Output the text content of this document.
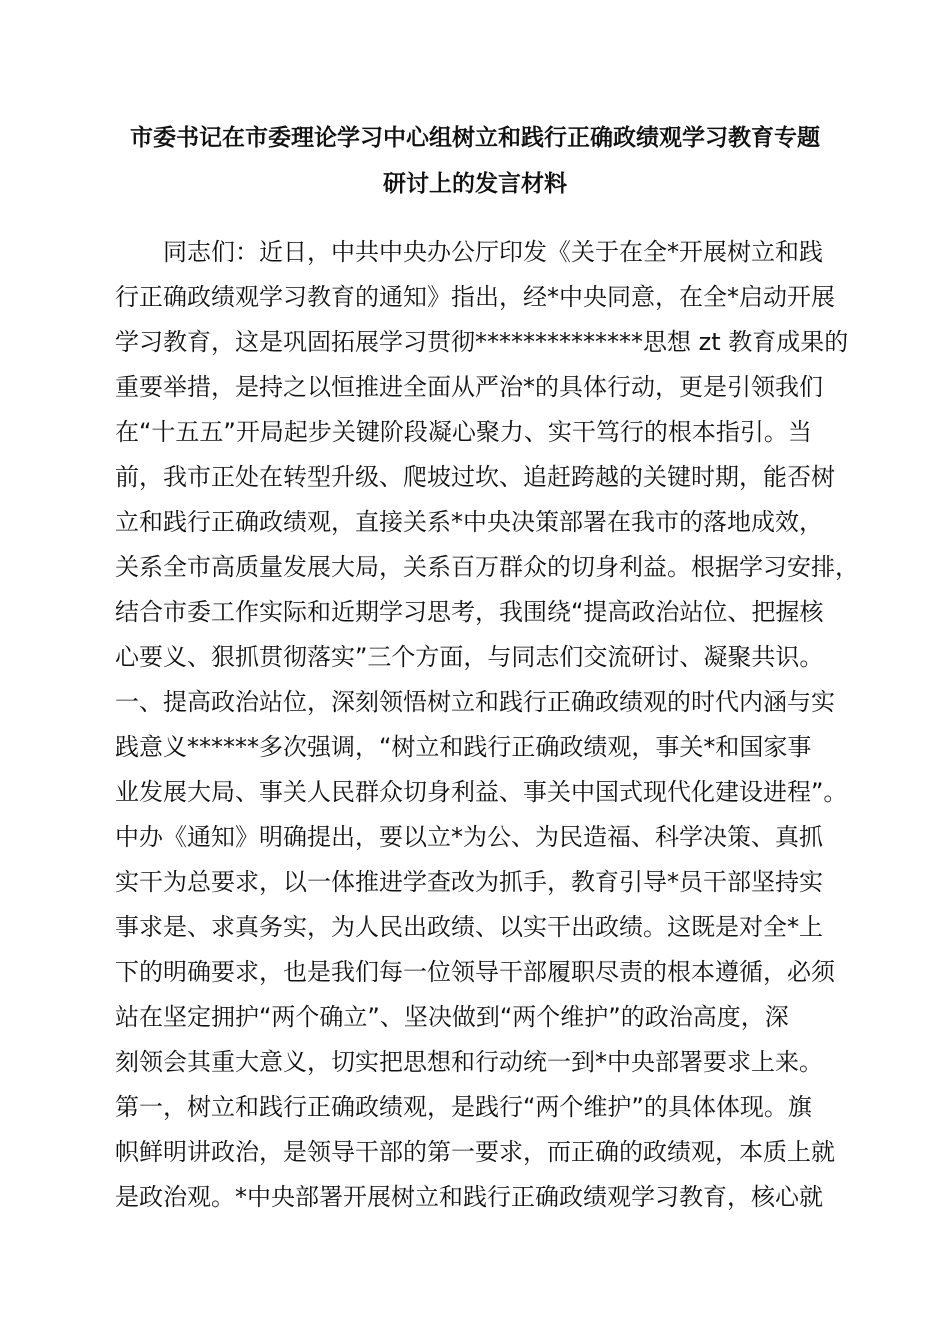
市委书记在市委理论学习中心组树立和践行正确政绩观学习教育专题
研讨上的发言材料
　　同志们：近日，中共中央办公厅印发《关于在全*开展树立和践
行正确政绩观学习教育的通知》指出，经*中央同意，在全*启动开展
学习教育，这是巩固拓展学习贯彻**************思想 zt 教育成果的
重要举措，是持之以恒推进全面从严治*的具体行动，更是引领我们
在“十五五”开局起步关键阶段凝心聚力、实干笃行的根本指引。当
前，我市正处在转型升级、爬坡过坎、追赶跨越的关键时期，能否树
立和践行正确政绩观，直接关系*中央决策部署在我市的落地成效，
关系全市高质量发展大局，关系百万群众的切身利益。根据学习安排，
结合市委工作实际和近期学习思考，我围绕“提高政治站位、把握核
心要义、狠抓贯彻落实”三个方面，与同志们交流研讨、凝聚共识。
一、提高政治站位，深刻领悟树立和践行正确政绩观的时代内涵与实
践意义******多次强调，“树立和践行正确政绩观，事关*和国家事
业发展大局、事关人民群众切身利益、事关中国式现代化建设进程”。
中办《通知》明确提出，要以立*为公、为民造福、科学决策、真抓
实干为总要求，以一体推进学查改为抓手，教育引导*员干部坚持实
事求是、求真务实，为人民出政绩、以实干出政绩。这既是对全*上
下的明确要求，也是我们每一位领导干部履职尽责的根本遵循，必须
站在坚定拥护“两个确立”、坚决做到“两个维护”的政治高度，深
刻领会其重大意义，切实把思想和行动统一到*中央部署要求上来。
第一，树立和践行正确政绩观，是践行“两个维护”的具体体现。旗
帜鲜明讲政治，是领导干部的第一要求，而正确的政绩观，本质上就
是政治观。*中央部署开展树立和践行正确政绩观学习教育，核心就
